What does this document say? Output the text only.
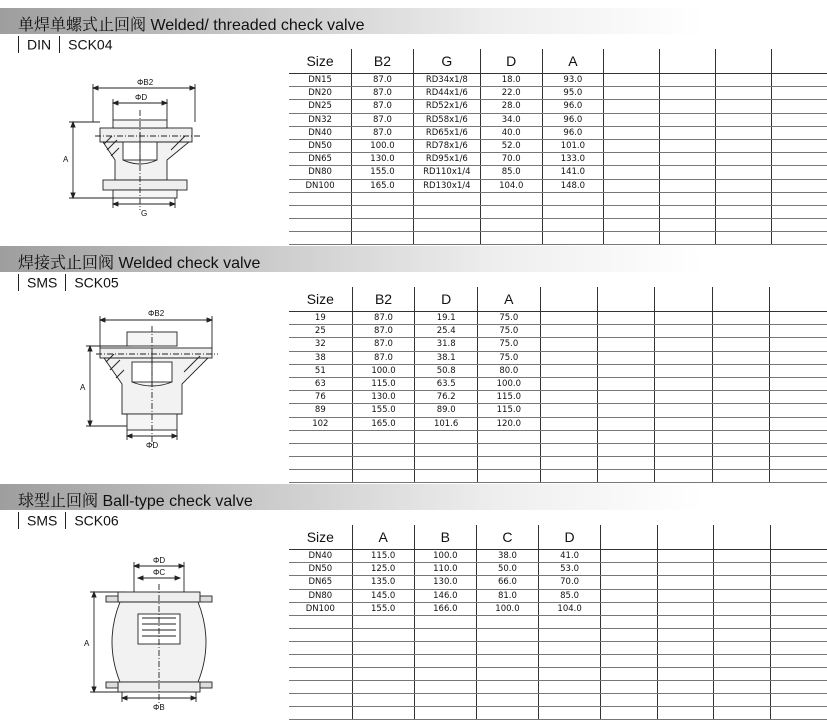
单焊单螺式止回阀 Welded/ threaded check valve
DIN SCK04
ΦB2
ΦD
A
G
Size	B2	G	D	A				
DN15	87.0	RD34x1/8	18.0	93.0				
DN20	87.0	RD44x1/6	22.0	95.0				
DN25	87.0	RD52x1/6	28.0	96.0				
DN32	87.0	RD58x1/6	34.0	96.0				
DN40	87.0	RD65x1/6	40.0	96.0				
DN50	100.0	RD78x1/6	52.0	101.0				
DN65	130.0	RD95x1/6	70.0	133.0				
DN80	155.0	RD110x1/4	85.0	141.0				
DN100	165.0	RD130x1/4	104.0	148.0				

焊接式止回阀 Welded check valve
SMS SCK05
ΦB2
A
ΦD
Size	B2	D	A					
19	87.0	19.1	75.0					
25	87.0	25.4	75.0					
32	87.0	31.8	75.0					
38	87.0	38.1	75.0					
51	100.0	50.8	80.0					
63	115.0	63.5	100.0					
76	130.0	76.2	115.0					
89	155.0	89.0	115.0					
102	165.0	101.6	120.0					

球型止回阀 Ball-type check valve
SMS SCK06
ΦD
ΦC
A
ΦB
Size	A	B	C	D				
DN40	115.0	100.0	38.0	41.0				
DN50	125.0	110.0	50.0	53.0				
DN65	135.0	130.0	66.0	70.0				
DN80	145.0	146.0	81.0	85.0				
DN100	155.0	166.0	100.0	104.0				
